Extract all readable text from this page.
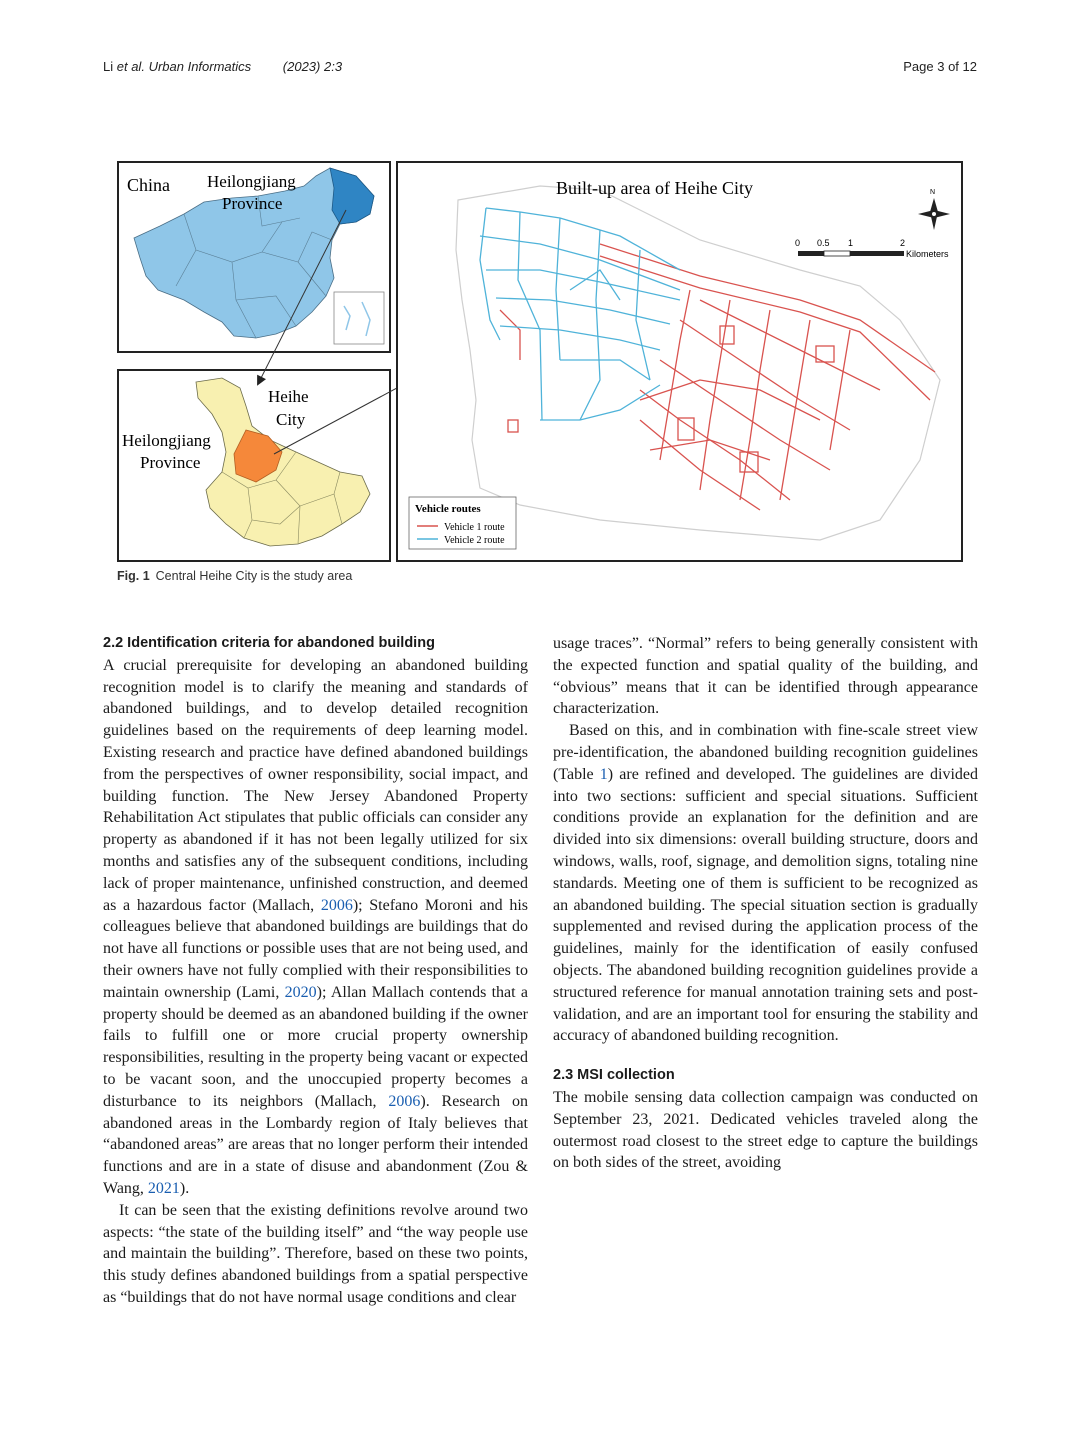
Li et al. Urban Informatics (2023) 2:3	Page 3 of 12
China Heilongjiang
Province
Heihe
City
Heilongjiang
Province
Built-up area of Heihe City	N
0 0.5 1	2
Kilometers
Vehicle routes
Vehicle 1 route
Vehicle 2 route
Fig. 1 Central Heihe City is the study area
2.2 Identification criteria for abandoned building

A crucial prerequisite for developing an abandoned building recognition model is to clarify the meaning and standards of abandoned buildings, and to develop detailed recognition guidelines based on the requirements of deep learning model. Existing research and practice have defined abandoned buildings from the perspectives of owner responsibility, social impact, and building function. The New Jersey Abandoned Property Rehabilitation Act stipulates that public officials can consider any property as abandoned if it has not been legally utilized for six months and satisfies any of the subsequent conditions, including lack of proper maintenance, unfinished construction, and deemed as a hazardous factor (Mallach, 2006); Stefano Moroni and his colleagues believe that abandoned buildings are buildings that do not have all functions or possible uses that are not being used, and their owners have not fully complied with their responsibilities to maintain ownership (Lami, 2020); Allan Mallach contends that a property should be deemed as an abandoned building if the owner fails to fulfill one or more crucial property ownership responsibilities, resulting in the property being vacant or expected to be vacant soon, and the unoccupied property becomes a disturbance to its neighbors (Mallach, 2006). Research on abandoned areas in the Lombardy region of Italy believes that “abandoned areas” are areas that no longer perform their intended functions and are in a state of disuse and abandonment (Zou & Wang, 2021).

It can be seen that the existing definitions revolve around two aspects: “the state of the building itself” and “the way people use and maintain the building”. Therefore, based on these two points, this study defines abandoned buildings from a spatial perspective as “buildings that do not have normal usage conditions and clear

usage traces”. “Normal” refers to being generally consistent with the expected function and spatial quality of the building, and “obvious” means that it can be identified through appearance characterization.

Based on this, and in combination with fine-scale street view pre-identification, the abandoned building recognition guidelines (Table 1) are refined and developed. The guidelines are divided into two sections: sufficient and special situations. Sufficient conditions provide an explanation for the definition and are divided into six dimensions: overall building structure, doors and windows, walls, roof, signage, and demolition signs, totaling nine standards. Meeting one of them is sufficient to be recognized as an abandoned building. The special situation section is gradually supplemented and revised during the application process of the guidelines, mainly for the identification of easily confused objects. The abandoned building recognition guidelines provide a structured reference for manual annotation training sets and post-validation, and are an important tool for ensuring the stability and accuracy of abandoned building recognition.

2.3 MSI collection

The mobile sensing data collection campaign was conducted on September 23, 2021. Dedicated vehicles traveled along the outermost road closest to the street edge to capture the buildings on both sides of the street, avoiding
